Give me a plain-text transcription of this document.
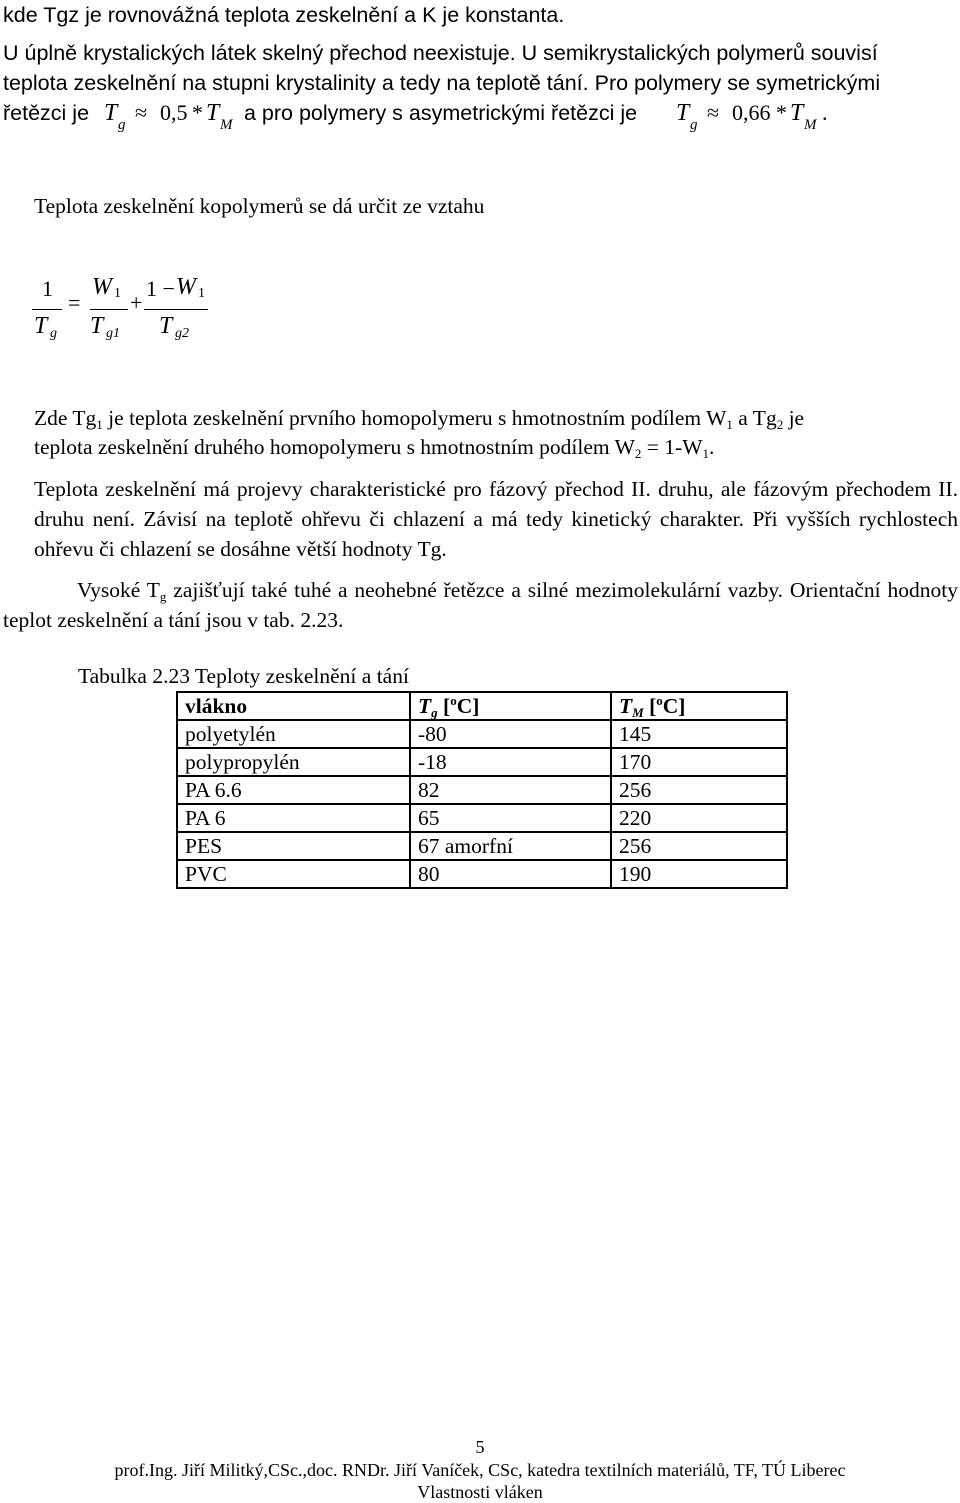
kde Tgz je rovnovážná teplota zeskelnění a K je konstanta.
U úplně krystalických látek skelný přechod neexistuje. U semikrystalických polymerů souvisí
teplota zeskelnění na stupni krystalinity a tedy na teplotě tání. Pro polymery se symetrickými
řetězci je T g ≈ 0,5 * T M a pro polymery s asymetrickými řetězci je T g ≈ 0,66 * T M .
Teplota zeskelnění kopolymerů se dá určit ze vztahu
1
T g
=
W 1
T g1
+
1 − W 1
T g2
Zde $Tg_1$ je teplota zeskelnění prvního homopolymeru s hmotnostním podílem $W_1$ a $Tg_2$ je
teplota zeskelnění druhého homopolymeru s hmotnostním podílem $W_2 = 1-W_1$.
Teplota zeskelnění má projevy charakteristické pro fázový přechod II. druhu, ale fázovým přechodem II. druhu není. Závisí na teplotě ohřevu či chlazení a má tedy kinetický charakter. Při vyšších rychlostech ohřevu či chlazení se dosáhne větší hodnoty Tg.
Vysoké $T_g$ zajišťují také tuhé a neohebné řetězce a silné mezimolekulární vazby. Orientační hodnoty teplot zeskelnění a tání jsou v tab. 2.23.
Tabulka 2.23 Teploty zeskelnění a tání
vlákno	$T_g$ [$^o$C]	$T_M$ [$^o$C]
polyetylén	-80	145
polypropylén	-18	170
PA 6.6	82	256
PA 6	65	220
PES	67 amorfní	256
PVC	80	190
5
prof.Ing. Jiří Militký,CSc.,doc. RNDr. Jiří Vaníček, CSc, katedra textilních materiálů, TF, TÚ Liberec
Vlastnosti vláken
